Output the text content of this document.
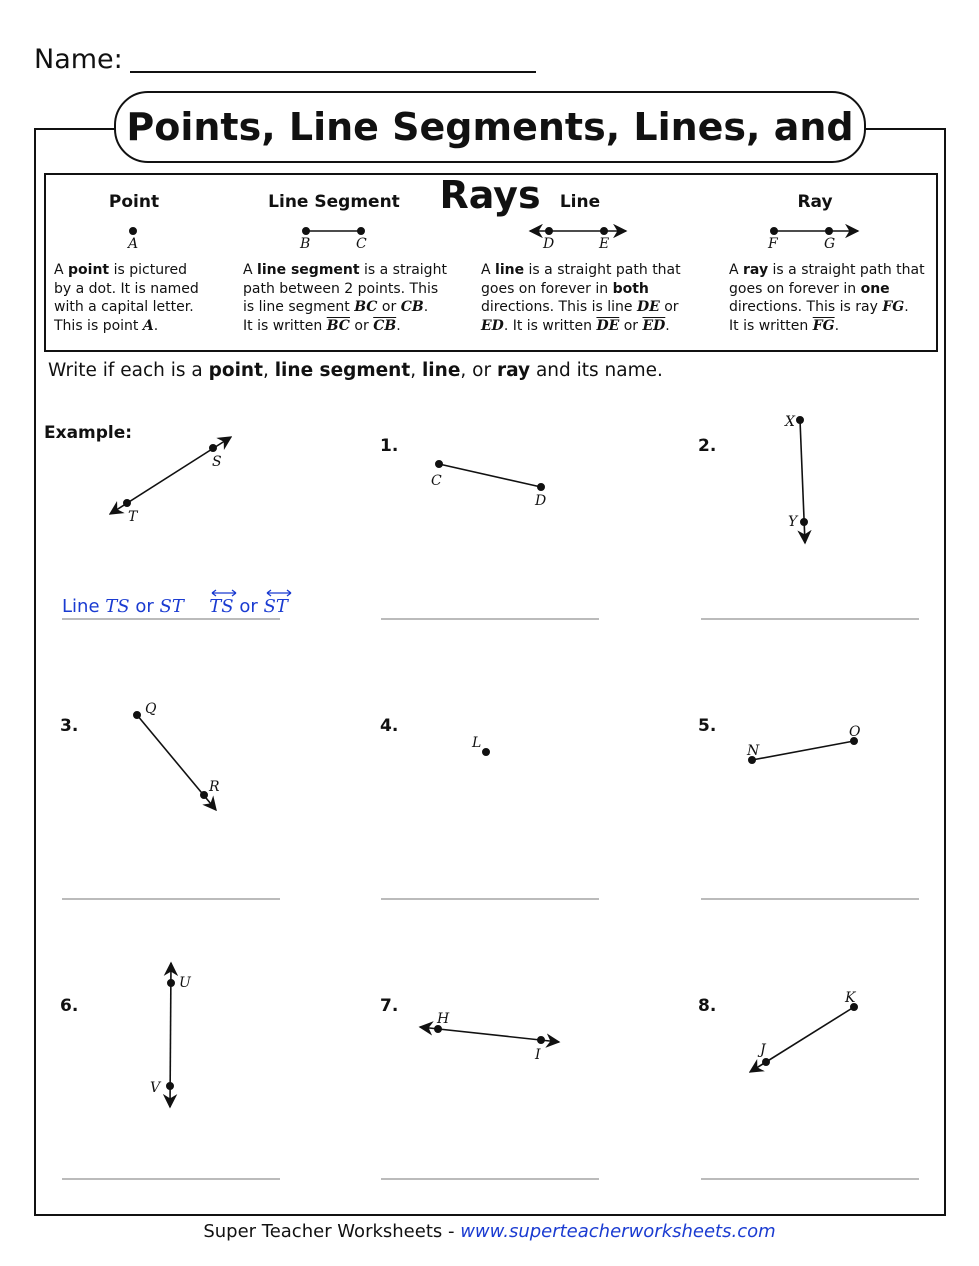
Name:
Points, Line Segments, Lines, and Rays
Point	Line Segment	Line	Ray
A point is pictured
by a dot. It is named
with a capital letter.
This is point A.
A line segment is a straight
path between 2 points. This
is line segment BC or CB.
It is written $\overline{BC}$ or $\overline{CB}$.
A line is a straight path that
goes on forever in both
directions. This is line DE or
ED. It is written $\overline{DE}$ or $\overline{ED}$.
A ray is a straight path that
goes on forever in one
directions. This is ray FG.
It is written $\overline{FG}$.
Write if each is a point, line segment, line, or ray and its name.
Example:
1.	2.
3.	4.	5.
6.	7.	8.
Line TS or ST TS or ST
A	B	C	D	E	F	G
S
T
C
D
X
Y
Q
R
L	N
O
U
V
H
I
K
J
Super Teacher Worksheets - www.superteacherworksheets.com
